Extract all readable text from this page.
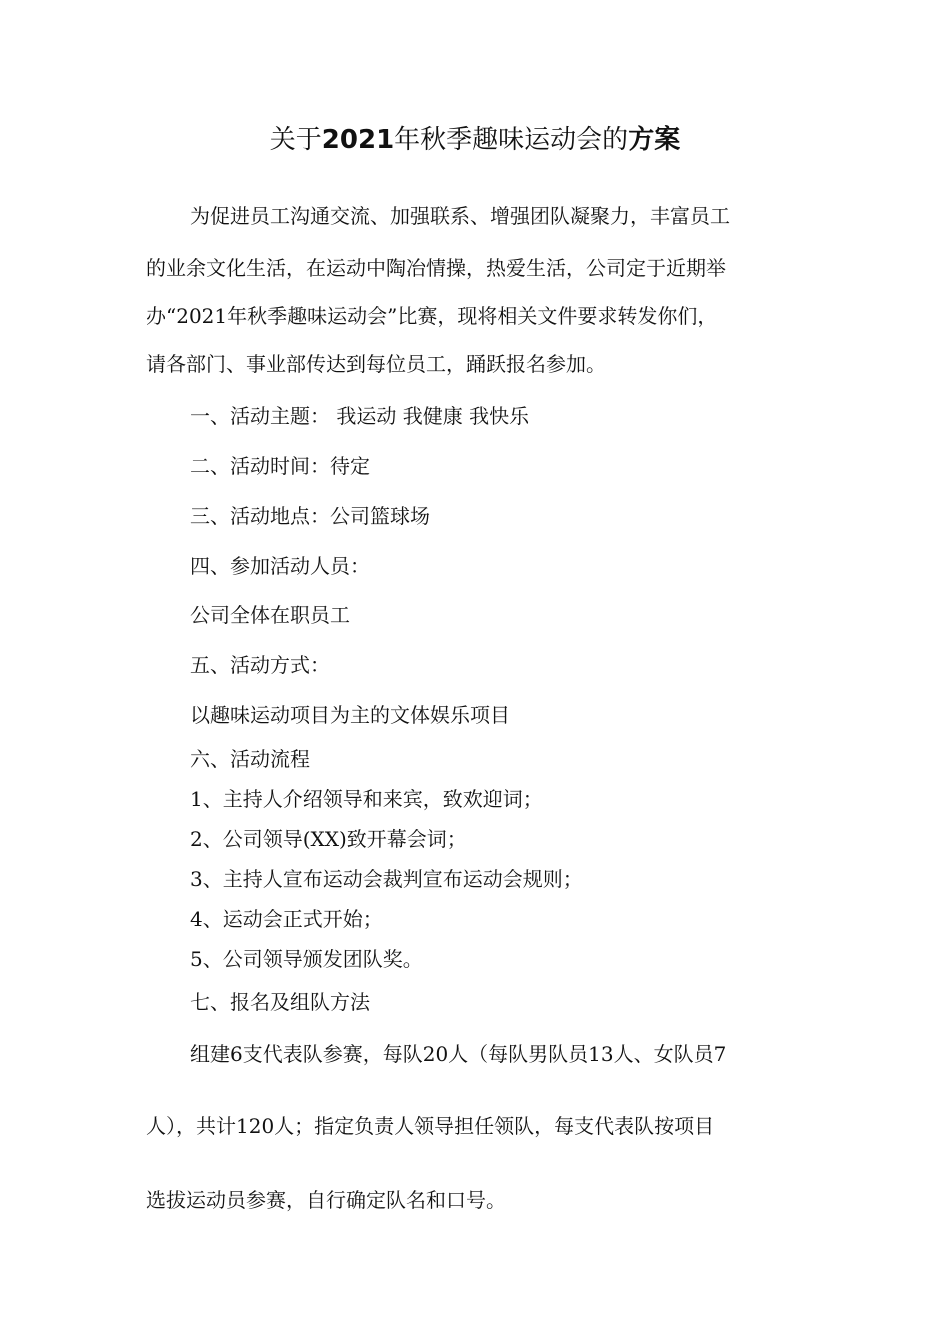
关于2021年秋季趣味运动会的方案
为促进员工沟通交流、加强联系、增强团队凝聚力，丰富员工
的业余文化生活，在运动中陶冶情操，热爱生活，公司定于近期举
办“2021年秋季趣味运动会”比赛，现将相关文件要求转发你们，
请各部门、事业部传达到每位员工，踊跃报名参加。
一、活动主题： 我运动 我健康 我快乐
二、活动时间：待定
三、活动地点：公司篮球场
四、参加活动人员：
公司全体在职员工
五、活动方式：
以趣味运动项目为主的文体娱乐项目
六、活动流程
1、主持人介绍领导和来宾，致欢迎词；
2、公司领导(XX)致开幕会词；
3、主持人宣布运动会裁判宣布运动会规则；
4、运动会正式开始；
5、公司领导颁发团队奖。
七、报名及组队方法
组建6支代表队参赛，每队20人（每队男队员13人、女队员7
人），共计120人；指定负责人领导担任领队，每支代表队按项目
选拔运动员参赛，自行确定队名和口号。
